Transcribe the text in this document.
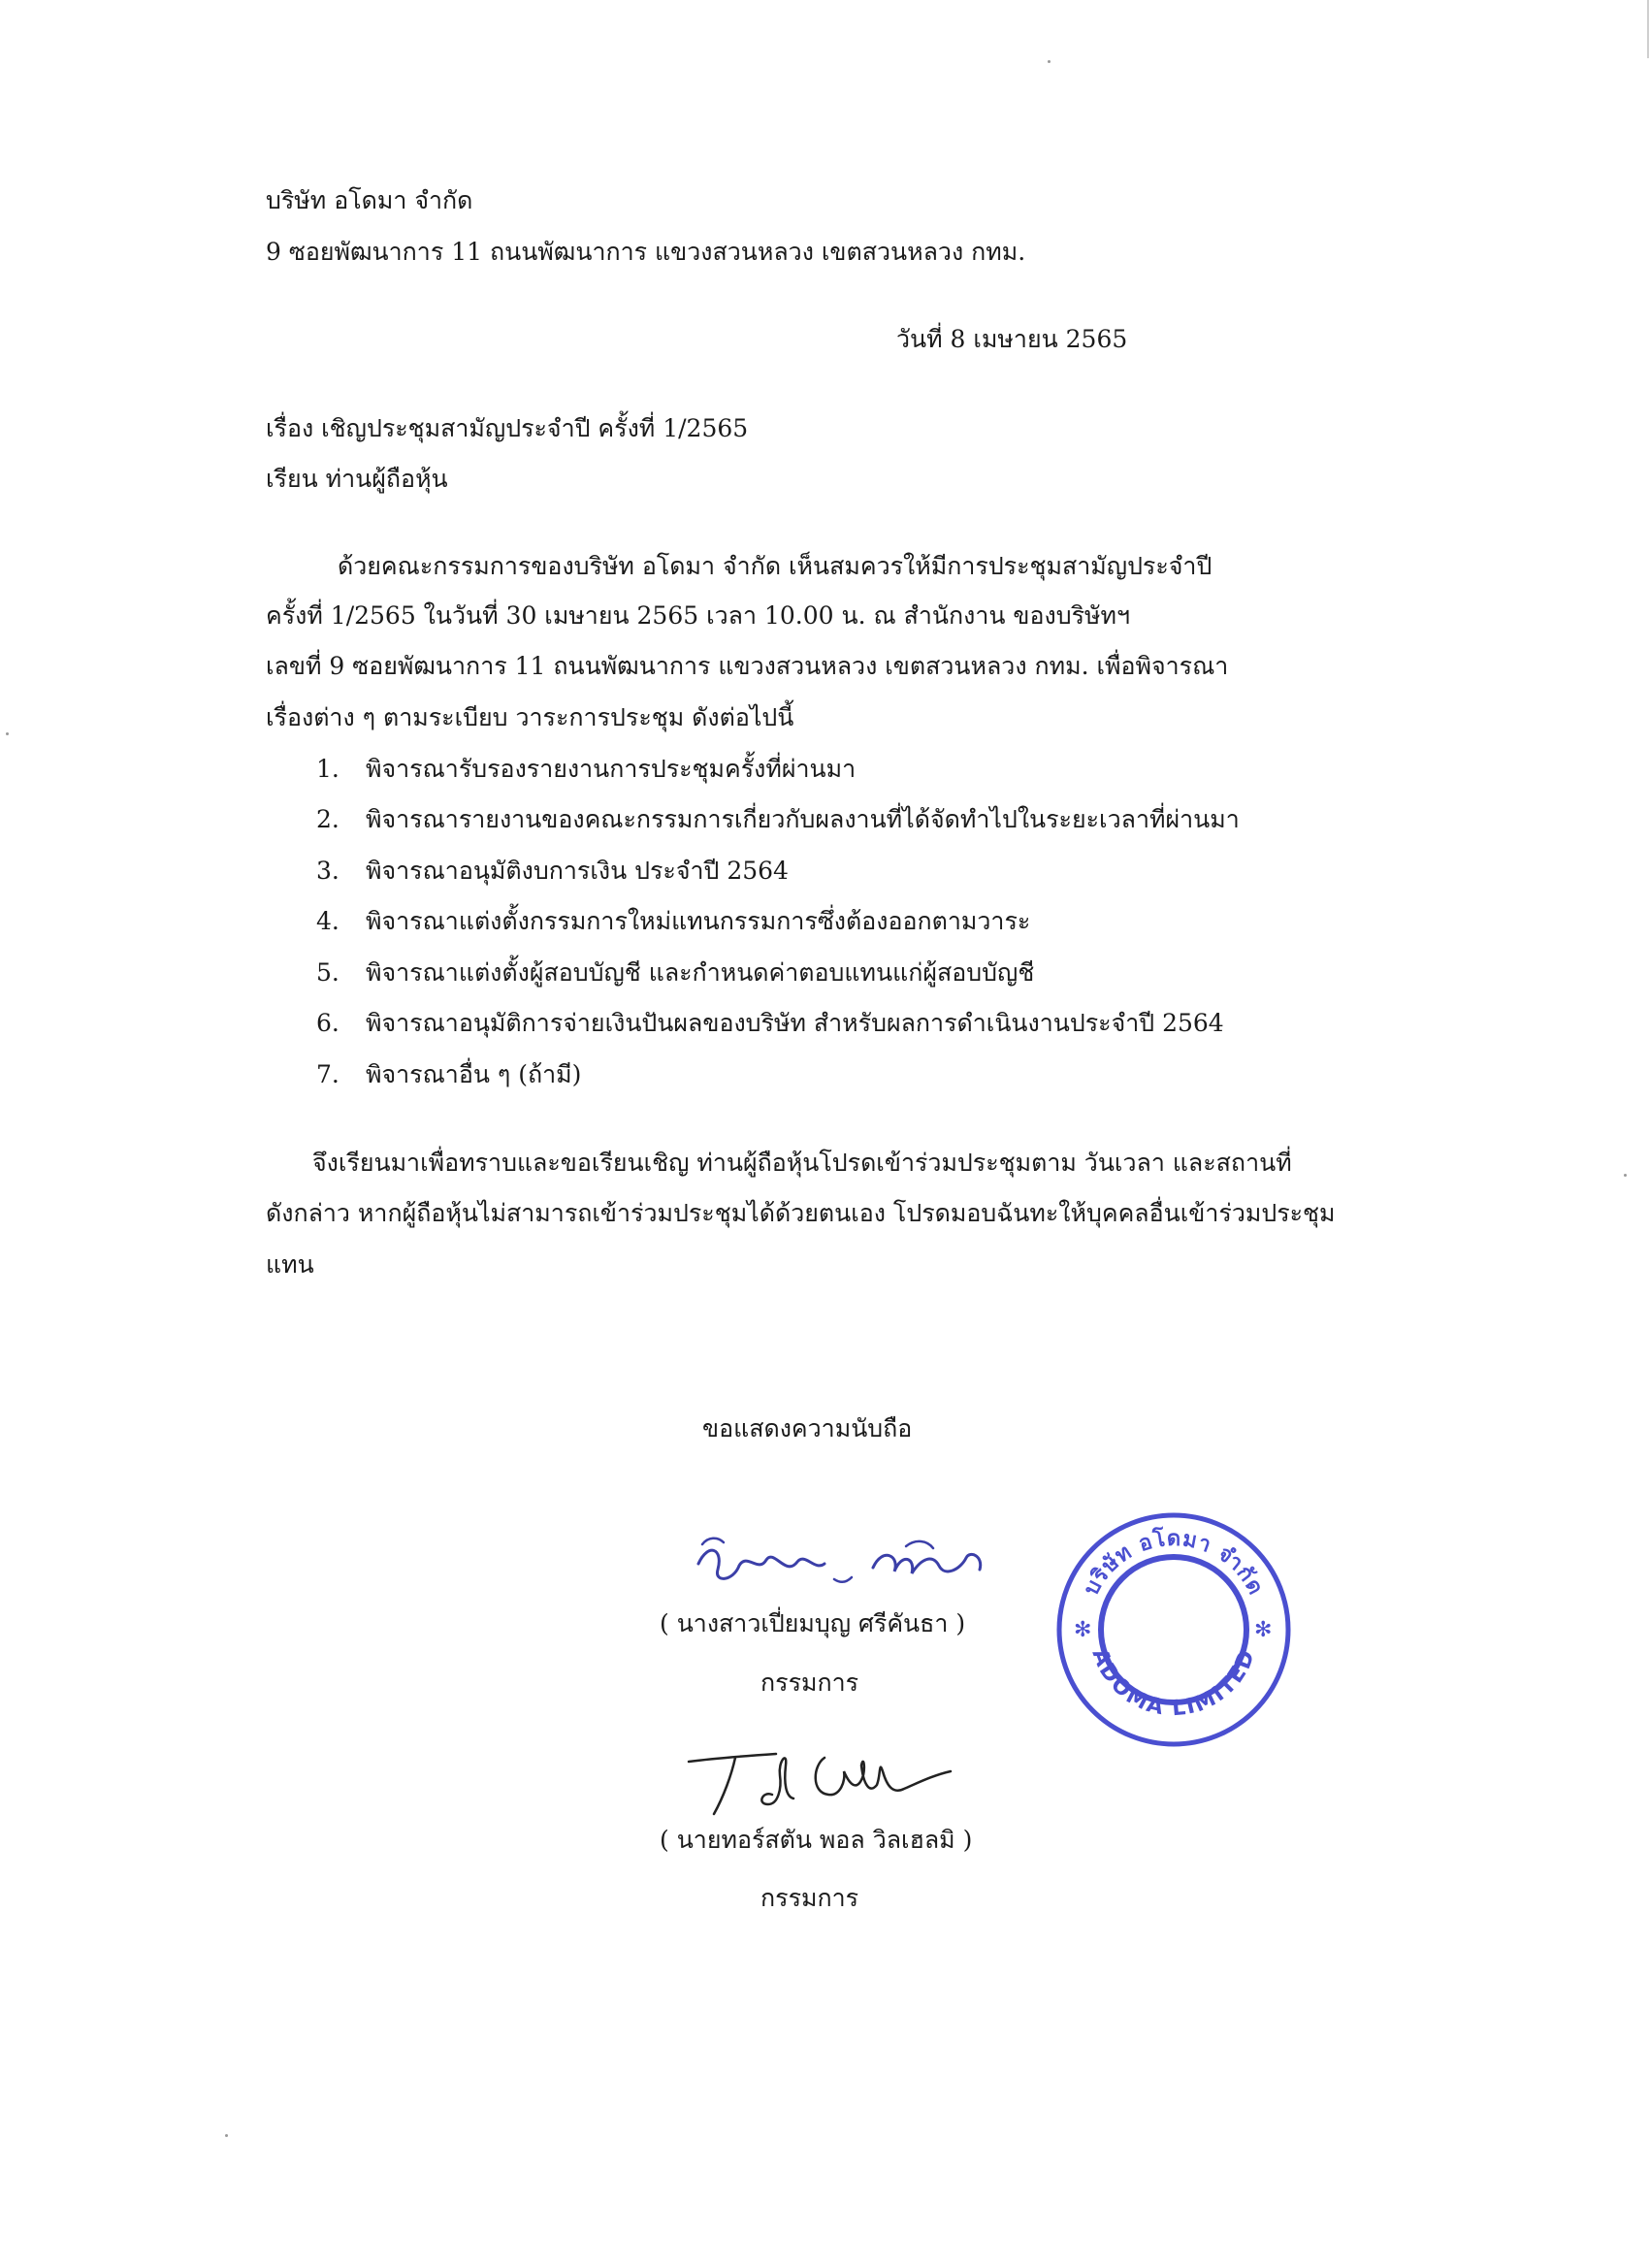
บริษัท อโดมา จำกัด
9 ซอยพัฒนาการ 11 ถนนพัฒนาการ แขวงสวนหลวง เขตสวนหลวง กทม.
วันที่ 8 เมษายน 2565
เรื่อง เชิญประชุมสามัญประจำปี ครั้งที่ 1/2565
เรียน ท่านผู้ถือหุ้น
ด้วยคณะกรรมการของบริษัท อโดมา จำกัด เห็นสมควรให้มีการประชุมสามัญประจำปี
ครั้งที่ 1/2565 ในวันที่ 30 เมษายน 2565 เวลา 10.00 น. ณ สำนักงาน ของบริษัทฯ
เลขที่ 9 ซอยพัฒนาการ 11 ถนนพัฒนาการ แขวงสวนหลวง เขตสวนหลวง กทม. เพื่อพิจารณา
เรื่องต่าง ๆ ตามระเบียบ วาระการประชุม ดังต่อไปนี้
1. พิจารณารับรองรายงานการประชุมครั้งที่ผ่านมา
2. พิจารณารายงานของคณะกรรมการเกี่ยวกับผลงานที่ได้จัดทำไปในระยะเวลาที่ผ่านมา
3. พิจารณาอนุมัติงบการเงิน ประจำปี 2564
4. พิจารณาแต่งตั้งกรรมการใหม่แทนกรรมการซึ่งต้องออกตามวาระ
5. พิจารณาแต่งตั้งผู้สอบบัญชี และกำหนดค่าตอบแทนแก่ผู้สอบบัญชี
6. พิจารณาอนุมัติการจ่ายเงินปันผลของบริษัท สำหรับผลการดำเนินงานประจำปี 2564
7. พิจารณาอื่น ๆ (ถ้ามี)
จึงเรียนมาเพื่อทราบและขอเรียนเชิญ ท่านผู้ถือหุ้นโปรดเข้าร่วมประชุมตาม วันเวลา และสถานที่
ดังกล่าว หากผู้ถือหุ้นไม่สามารถเข้าร่วมประชุมได้ด้วยตนเอง โปรดมอบฉันทะให้บุคคลอื่นเข้าร่วมประชุม
แทน
ขอแสดงความนับถือ
( นางสาวเปี่ยมบุญ ศรีคันธา )
กรรมการ
บริษัท อโดมา จำกัด
ADOMA LIMITED
✻	✻
( นายทอร์สตัน พอล วิลเฮลมิ )
กรรมการ
